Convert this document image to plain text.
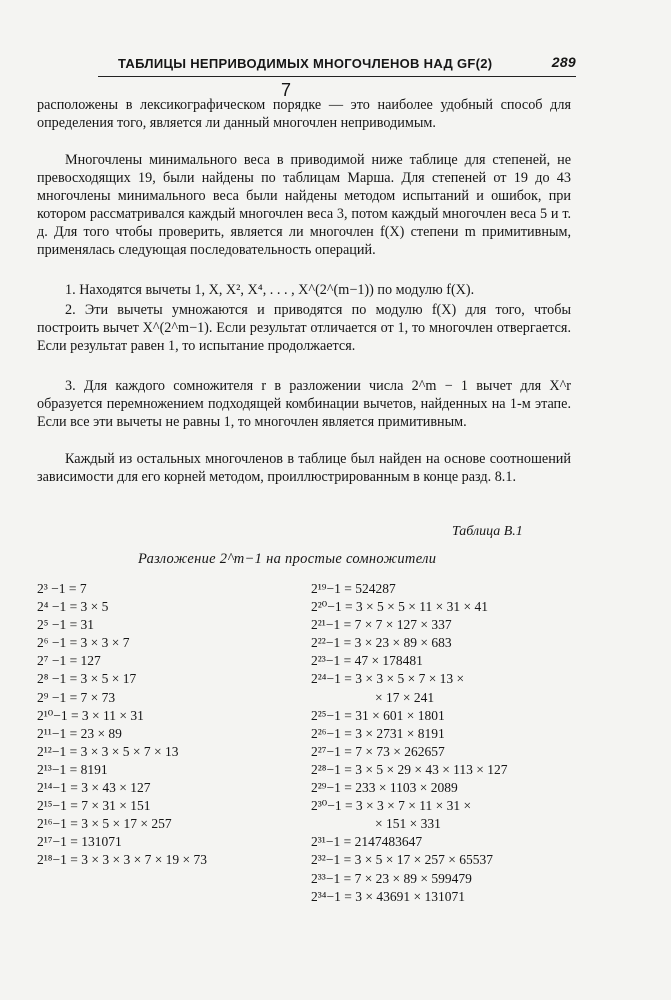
ТАБЛИЦЫ НЕПРИВОДИМЫХ МНОГОЧЛЕНОВ НАД GF(2)	289
7

расположены в лексикографическом порядке — это наиболее удобный способ для определения того, является ли данный многочлен неприводимым.

Многочлены минимального веса в приводимой ниже таблице для степеней, не превосходящих 19, были найдены по таблицам Марша. Для степеней от 19 до 43 многочлены минимального веса были найдены методом испытаний и ошибок, при котором рассматривался каждый многочлен веса 3, потом каждый многочлен веса 5 и т. д. Для того чтобы проверить, является ли многочлен f(X) степени m примитивным, применялась следующая последовательность операций.

1. Находятся вычеты 1, X, X², X⁴, . . . , X^(2^(m−1)) по модулю f(X).

2. Эти вычеты умножаются и приводятся по модулю f(X) для того, чтобы построить вычет X^(2^m−1). Если результат отличается от 1, то многочлен отвергается. Если результат равен 1, то испытание продолжается.

3. Для каждого сомножителя r в разложении числа 2^m − 1 вычет для X^r образуется перемножением подходящей комбинации вычетов, найденных на 1-м этапе. Если все эти вычеты не равны 1, то многочлен является примитивным.

Каждый из остальных многочленов в таблице был найден на основе соотношений зависимости для его корней методом, проиллюстрированным в конце разд. 8.1.

Таблица В.1
Разложение 2^m−1 на простые сомножители
2³ −1 = 7
2⁴ −1 = 3 × 5
2⁵ −1 = 31
2⁶ −1 = 3 × 3 × 7
2⁷ −1 = 127
2⁸ −1 = 3 × 5 × 17
2⁹ −1 = 7 × 73
2¹⁰−1 = 3 × 11 × 31
2¹¹−1 = 23 × 89
2¹²−1 = 3 × 3 × 5 × 7 × 13
2¹³−1 = 8191
2¹⁴−1 = 3 × 43 × 127
2¹⁵−1 = 7 × 31 × 151
2¹⁶−1 = 3 × 5 × 17 × 257
2¹⁷−1 = 131071
2¹⁸−1 = 3 × 3 × 3 × 7 × 19 × 73
2¹⁹−1 = 524287
2²⁰−1 = 3 × 5 × 5 × 11 × 31 × 41
2²¹−1 = 7 × 7 × 127 × 337
2²²−1 = 3 × 23 × 89 × 683
2²³−1 = 47 × 178481
2²⁴−1 = 3 × 3 × 5 × 7 × 13 ×
× 17 × 241
2²⁵−1 = 31 × 601 × 1801
2²⁶−1 = 3 × 2731 × 8191
2²⁷−1 = 7 × 73 × 262657
2²⁸−1 = 3 × 5 × 29 × 43 × 113 × 127
2²⁹−1 = 233 × 1103 × 2089
2³⁰−1 = 3 × 3 × 7 × 11 × 31 ×
× 151 × 331
2³¹−1 = 2147483647
2³²−1 = 3 × 5 × 17 × 257 × 65537
2³³−1 = 7 × 23 × 89 × 599479
2³⁴−1 = 3 × 43691 × 131071
